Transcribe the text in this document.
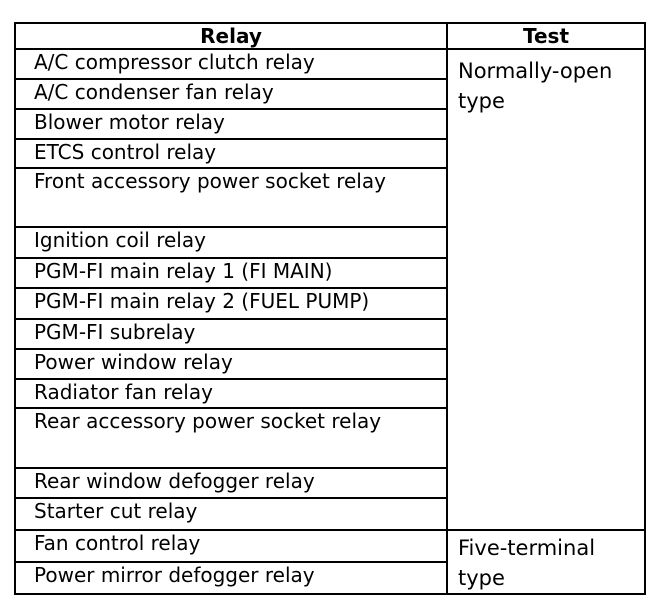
Relay	Test
A/C compressor clutch relay	Normally-open type
A/C condenser fan relay	
Blower motor relay	
ETCS control relay	
Front accessory power socket relay	
Ignition coil relay	
PGM-FI main relay 1 (FI MAIN)	
PGM-FI main relay 2 (FUEL PUMP)	
PGM-FI subrelay	
Power window relay	
Radiator fan relay	
Rear accessory power socket relay	
Rear window defogger relay	
Starter cut relay	
Fan control relay	Five-terminal type
Power mirror defogger relay	
